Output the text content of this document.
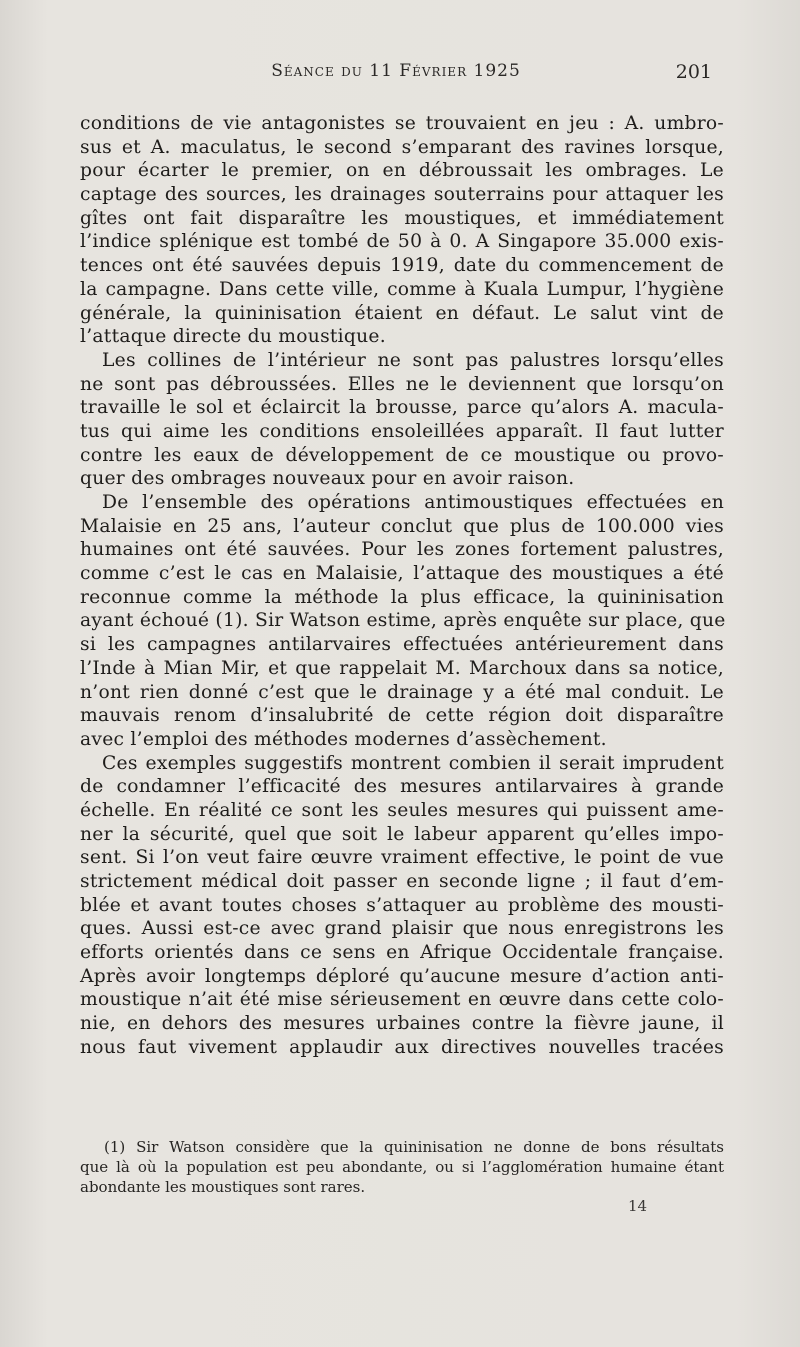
Séance du 11 Février 1925	201
conditions de vie antagonistes se trouvaient en jeu : A. umbro-
sus et A. maculatus, le second s’emparant des ravines lorsque,
pour écarter le premier, on en débroussait les ombrages. Le
captage des sources, les drainages souterrains pour attaquer les
gîtes ont fait disparaître les moustiques, et immédiatement
l’indice splénique est tombé de 50 à 0. A Singapore 35.000 exis-
tences ont été sauvées depuis 1919, date du commencement de
la campagne. Dans cette ville, comme à Kuala Lumpur, l’hygiène
générale, la quininisation étaient en défaut. Le salut vint de
l’attaque directe du moustique.
Les collines de l’intérieur ne sont pas palustres lorsqu’elles
ne sont pas débroussées. Elles ne le deviennent que lorsqu’on
travaille le sol et éclaircit la brousse, parce qu’alors A. macula-
tus qui aime les conditions ensoleillées apparaît. Il faut lutter
contre les eaux de développement de ce moustique ou provo-
quer des ombrages nouveaux pour en avoir raison.
De l’ensemble des opérations antimoustiques effectuées en
Malaisie en 25 ans, l’auteur conclut que plus de 100.000 vies
humaines ont été sauvées. Pour les zones fortement palustres,
comme c’est le cas en Malaisie, l’attaque des moustiques a été
reconnue comme la méthode la plus efficace, la quininisation
ayant échoué (1). Sir Watson estime, après enquête sur place, que
si les campagnes antilarvaires effectuées antérieurement dans
l’Inde à Mian Mir, et que rappelait M. Marchoux dans sa notice,
n’ont rien donné c’est que le drainage y a été mal conduit. Le
mauvais renom d’insalubrité de cette région doit disparaître
avec l’emploi des méthodes modernes d’assèchement.
Ces exemples suggestifs montrent combien il serait imprudent
de condamner l’efficacité des mesures antilarvaires à grande
échelle. En réalité ce sont les seules mesures qui puissent ame-
ner la sécurité, quel que soit le labeur apparent qu’elles impo-
sent. Si l’on veut faire œuvre vraiment effective, le point de vue
strictement médical doit passer en seconde ligne ; il faut d’em-
blée et avant toutes choses s’attaquer au problème des mousti-
ques. Aussi est-ce avec grand plaisir que nous enregistrons les
efforts orientés dans ce sens en Afrique Occidentale française.
Après avoir longtemps déploré qu’aucune mesure d’action anti-
moustique n’ait été mise sérieusement en œuvre dans cette colo-
nie, en dehors des mesures urbaines contre la fièvre jaune, il
nous faut vivement applaudir aux directives nouvelles tracées
(1) Sir Watson considère que la quininisation ne donne de bons résultats
que là où la population est peu abondante, ou si l’agglomération humaine étant
abondante les moustiques sont rares.
14
